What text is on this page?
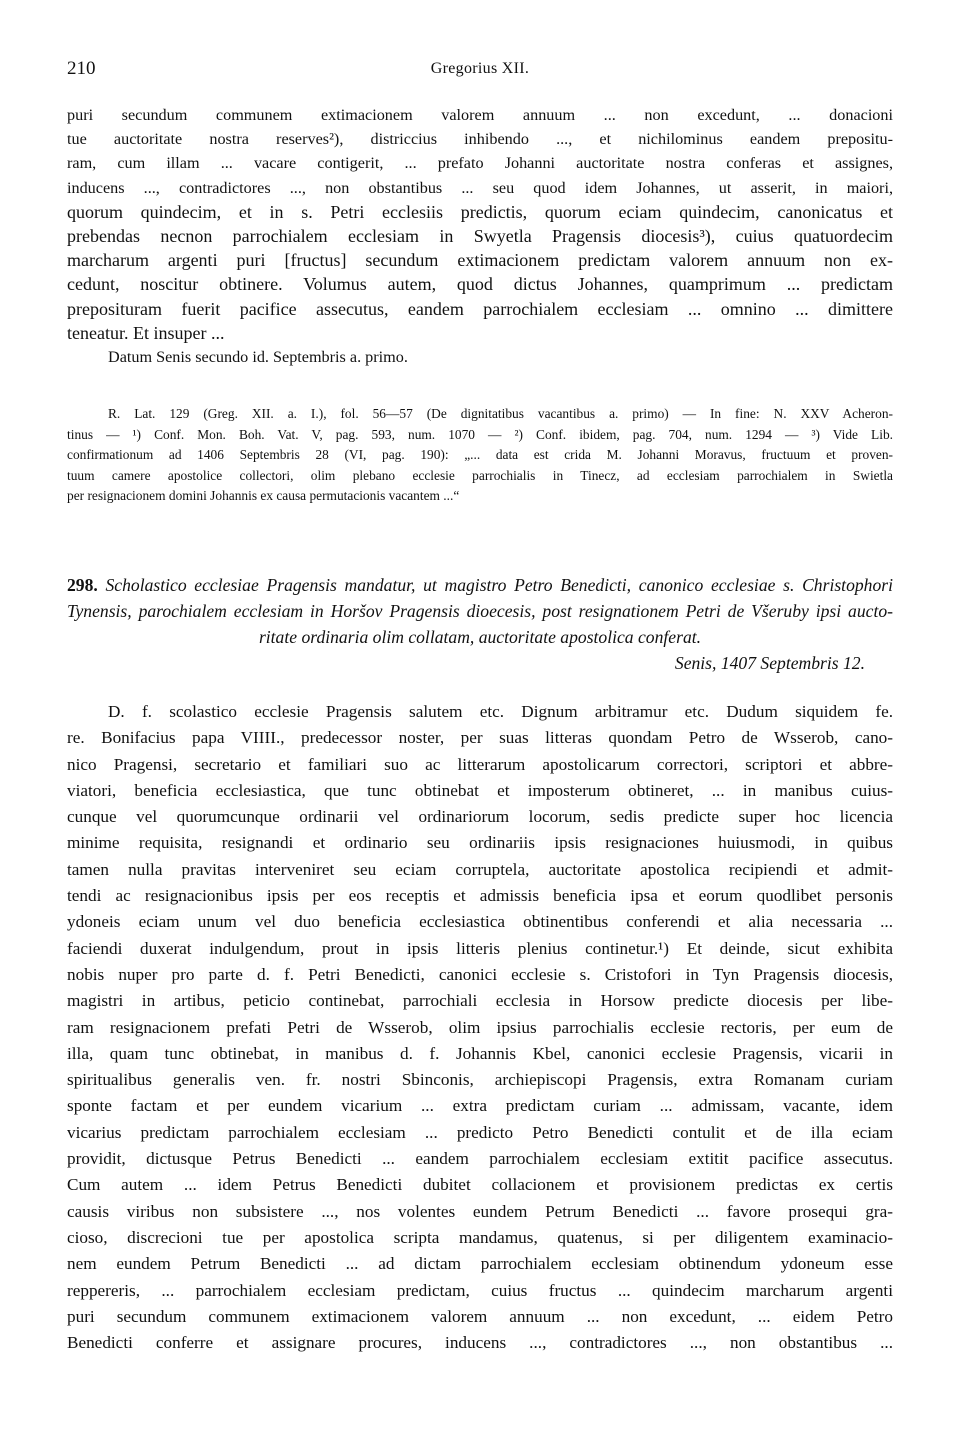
210	Gregorius XII.
puri secundum communem extimacionem valorem annuum ... non excedunt, ... donacioni
tue auctoritate nostra reserves²), districcius inhibendo ..., et nichilominus eandem prepositu-
ram, cum illam ... vacare contigerit, ... prefato Johanni auctoritate nostra conferas et assignes,
inducens ..., contradictores ..., non obstantibus ... seu quod idem Johannes, ut asserit, in maiori,
quorum quindecim, et in s. Petri ecclesiis predictis, quorum eciam quindecim, canonicatus et
prebendas necnon parrochialem ecclesiam in Swyetla Pragensis diocesis³), cuius quatuordecim
marcharum argenti puri [fructus] secundum extimacionem predictam valorem annuum non ex-
cedunt, noscitur obtinere. Volumus autem, quod dictus Johannes, quamprimum ... predictam
preposituram fuerit pacifice assecutus, eandem parrochialem ecclesiam ... omnino ... dimittere
teneatur. Et insuper ...
Datum Senis secundo id. Septembris a. primo.
R. Lat. 129 (Greg. XII. a. I.), fol. 56—57 (De dignitatibus vacantibus a. primo) — In fine: N. XXV Acheron-
tinus — ¹) Conf. Mon. Boh. Vat. V, pag. 593, num. 1070 — ²) Conf. ibidem, pag. 704, num. 1294 — ³) Vide Lib.
confirmationum ad 1406 Septembris 28 (VI, pag. 190): „... data est crida M. Johanni Moravus, fructuum et proven-
tuum camere apostolice collectori, olim plebano ecclesie parrochialis in Tinecz, ad ecclesiam parrochialem in Swietla
per resignacionem domini Johannis ex causa permutacionis vacantem ...“
298. Scholastico ecclesiae Pragensis mandatur, ut magistro Petro Benedicti, canonico ecclesiae s. Christophori
Tynensis, parochialem ecclesiam in Horšov Pragensis dioecesis, post resignationem Petri de Všeruby ipsi aucto-
ritate ordinaria olim collatam, auctoritate apostolica conferat.
Senis, 1407 Septembris 12.
D. f. scolastico ecclesie Pragensis salutem etc. Dignum arbitramur etc. Dudum siquidem fe.
re. Bonifacius papa VIIII., predecessor noster, per suas litteras quondam Petro de Wsserob, cano-
nico Pragensi, secretario et familiari suo ac litterarum apostolicarum correctori, scriptori et abbre-
viatori, beneficia ecclesiastica, que tunc obtinebat et imposterum obtineret, ... in manibus cuius-
cunque vel quorumcunque ordinarii vel ordinariorum locorum, sedis predicte super hoc licencia
minime requisita, resignandi et ordinario seu ordinariis ipsis resignaciones huiusmodi, in quibus
tamen nulla pravitas interveniret seu eciam corruptela, auctoritate apostolica recipiendi et admit-
tendi ac resignacionibus ipsis per eos receptis et admissis beneficia ipsa et eorum quodlibet personis
ydoneis eciam unum vel duo beneficia ecclesiastica obtinentibus conferendi et alia necessaria ...
faciendi duxerat indulgendum, prout in ipsis litteris plenius continetur.¹) Et deinde, sicut exhibita
nobis nuper pro parte d. f. Petri Benedicti, canonici ecclesie s. Cristofori in Tyn Pragensis diocesis,
magistri in artibus, peticio continebat, parrochiali ecclesia in Horsow predicte diocesis per libe-
ram resignacionem prefati Petri de Wsserob, olim ipsius parrochialis ecclesie rectoris, per eum de
illa, quam tunc obtinebat, in manibus d. f. Johannis Kbel, canonici ecclesie Pragensis, vicarii in
spiritualibus generalis ven. fr. nostri Sbinconis, archiepiscopi Pragensis, extra Romanam curiam
sponte factam et per eundem vicarium ... extra predictam curiam ... admissam, vacante, idem
vicarius predictam parrochialem ecclesiam ... predicto Petro Benedicti contulit et de illa eciam
providit, dictusque Petrus Benedicti ... eandem parrochialem ecclesiam extitit pacifice assecutus.
Cum autem ... idem Petrus Benedicti dubitet collacionem et provisionem predictas ex certis
causis viribus non subsistere ..., nos volentes eundem Petrum Benedicti ... favore prosequi gra-
cioso, discrecioni tue per apostolica scripta mandamus, quatenus, si per diligentem examinacio-
nem eundem Petrum Benedicti ... ad dictam parrochialem ecclesiam obtinendum ydoneum esse
reppereris, ... parrochialem ecclesiam predictam, cuius fructus ... quindecim marcharum argenti
puri secundum communem extimacionem valorem annuum ... non excedunt, ... eidem Petro
Benedicti conferre et assignare procures, inducens ..., contradictores ..., non obstantibus ...
